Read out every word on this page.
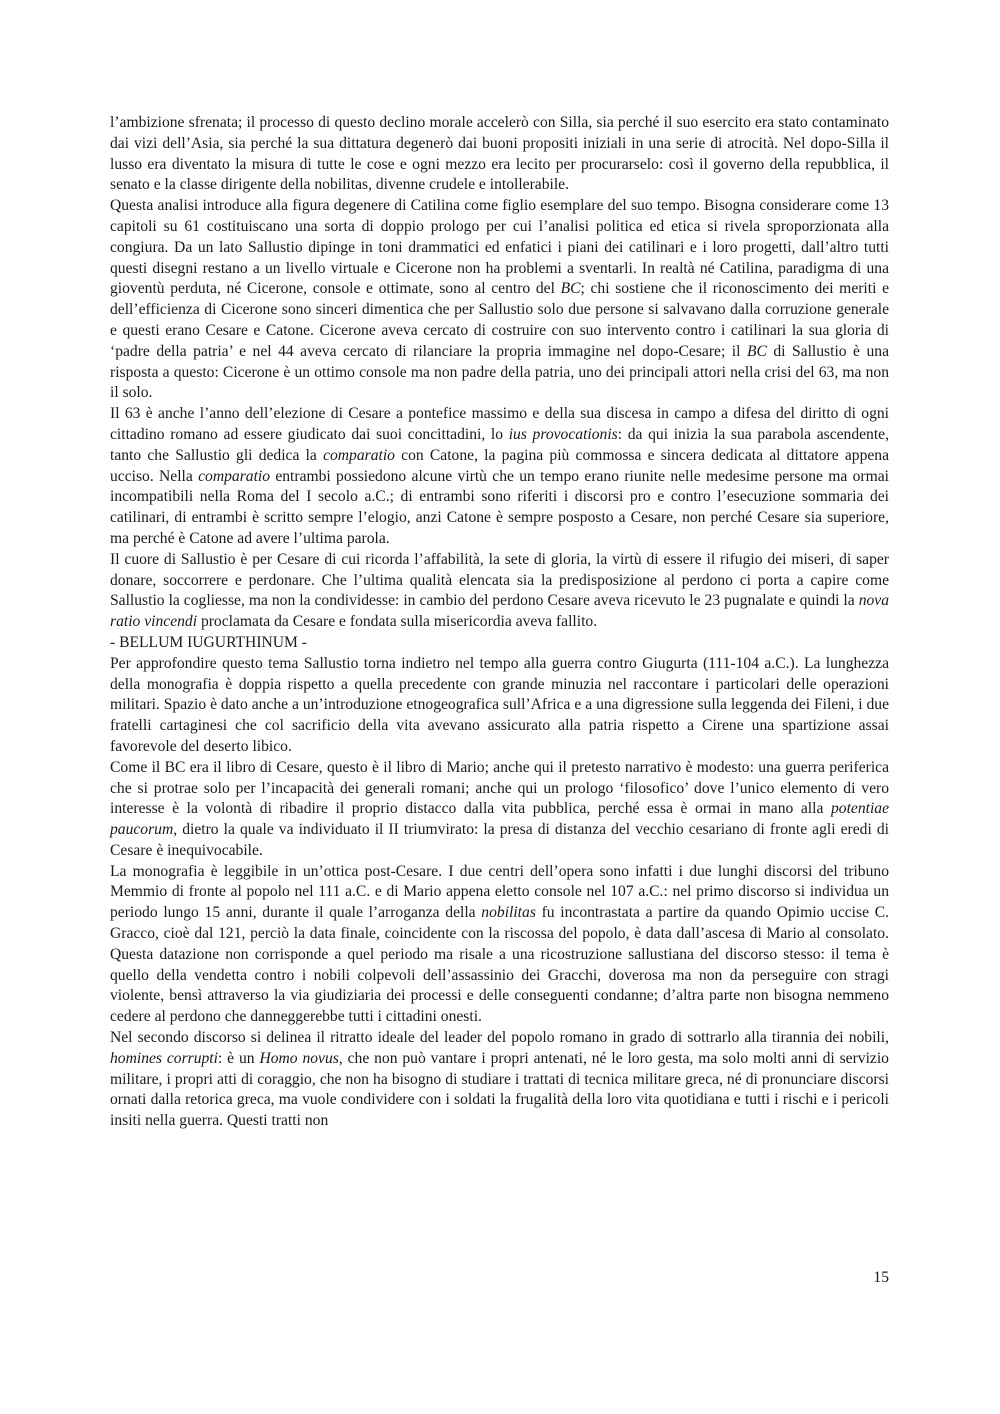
l’ambizione sfrenata; il processo di questo declino morale accelerò con Silla, sia perché il suo esercito era stato contaminato dai vizi dell’Asia, sia perché la sua dittatura degenerò dai buoni propositi iniziali in una serie di atrocità. Nel dopo-Silla il lusso era diventato la misura di tutte le cose e ogni mezzo era lecito per procurarselo: così il governo della repubblica, il senato e la classe dirigente della nobilitas, divenne crudele e intollerabile.

Questa analisi introduce alla figura degenere di Catilina come figlio esemplare del suo tempo. Bisogna considerare come 13 capitoli su 61 costituiscano una sorta di doppio prologo per cui l’analisi politica ed etica si rivela sproporzionata alla congiura. Da un lato Sallustio dipinge in toni drammatici ed enfatici i piani dei catilinari e i loro progetti, dall’altro tutti questi disegni restano a un livello virtuale e Cicerone non ha problemi a sventarli. In realtà né Catilina, paradigma di una gioventù perduta, né Cicerone, console e ottimate, sono al centro del BC; chi sostiene che il riconoscimento dei meriti e dell’efficienza di Cicerone sono sinceri dimentica che per Sallustio solo due persone si salvavano dalla corruzione generale e questi erano Cesare e Catone. Cicerone aveva cercato di costruire con suo intervento contro i catilinari la sua gloria di ‘padre della patria’ e nel 44 aveva cercato di rilanciare la propria immagine nel dopo-Cesare; il BC di Sallustio è una risposta a questo: Cicerone è un ottimo console ma non padre della patria, uno dei principali attori nella crisi del 63, ma non il solo.

Il 63 è anche l’anno dell’elezione di Cesare a pontefice massimo e della sua discesa in campo a difesa del diritto di ogni cittadino romano ad essere giudicato dai suoi concittadini, lo ius provocationis: da qui inizia la sua parabola ascendente, tanto che Sallustio gli dedica la comparatio con Catone, la pagina più commossa e sincera dedicata al dittatore appena ucciso. Nella comparatio entrambi possiedono alcune virtù che un tempo erano riunite nelle medesime persone ma ormai incompatibili nella Roma del I secolo a.C.; di entrambi sono riferiti i discorsi pro e contro l’esecuzione sommaria dei catilinari, di entrambi è scritto sempre l’elogio, anzi Catone è sempre posposto a Cesare, non perché Cesare sia superiore, ma perché è Catone ad avere l’ultima parola.

Il cuore di Sallustio è per Cesare di cui ricorda l’affabilità, la sete di gloria, la virtù di essere il rifugio dei miseri, di saper donare, soccorrere e perdonare. Che l’ultima qualità elencata sia la predisposizione al perdono ci porta a capire come Sallustio la cogliesse, ma non la condividesse: in cambio del perdono Cesare aveva ricevuto le 23 pugnalate e quindi la nova ratio vincendi proclamata da Cesare e fondata sulla misericordia aveva fallito.

- BELLUM IUGURTHINUM -

Per approfondire questo tema Sallustio torna indietro nel tempo alla guerra contro Giugurta (111-104 a.C.). La lunghezza della monografia è doppia rispetto a quella precedente con grande minuzia nel raccontare i particolari delle operazioni militari. Spazio è dato anche a un’introduzione etnogeografica sull’Africa e a una digressione sulla leggenda dei Fileni, i due fratelli cartaginesi che col sacrificio della vita avevano assicurato alla patria rispetto a Cirene una spartizione assai favorevole del deserto libico.

Come il BC era il libro di Cesare, questo è il libro di Mario; anche qui il pretesto narrativo è modesto: una guerra periferica che si protrae solo per l’incapacità dei generali romani; anche qui un prologo ‘filosofico’ dove l’unico elemento di vero interesse è la volontà di ribadire il proprio distacco dalla vita pubblica, perché essa è ormai in mano alla potentiae paucorum, dietro la quale va individuato il II triumvirato: la presa di distanza del vecchio cesariano di fronte agli eredi di Cesare è inequivocabile.

La monografia è leggibile in un’ottica post-Cesare. I due centri dell’opera sono infatti i due lunghi discorsi del tribuno Memmio di fronte al popolo nel 111 a.C. e di Mario appena eletto console nel 107 a.C.: nel primo discorso si individua un periodo lungo 15 anni, durante il quale l’arroganza della nobilitas fu incontrastata a partire da quando Opimio uccise C. Gracco, cioè dal 121, perciò la data finale, coincidente con la riscossa del popolo, è data dall’ascesa di Mario al consolato. Questa datazione non corrisponde a quel periodo ma risale a una ricostruzione sallustiana del discorso stesso: il tema è quello della vendetta contro i nobili colpevoli dell’assassinio dei Gracchi, doverosa ma non da perseguire con stragi violente, bensì attraverso la via giudiziaria dei processi e delle conseguenti condanne; d’altra parte non bisogna nemmeno cedere al perdono che danneggerebbe tutti i cittadini onesti.

Nel secondo discorso si delinea il ritratto ideale del leader del popolo romano in grado di sottrarlo alla tirannia dei nobili, homines corrupti: è un Homo novus, che non può vantare i propri antenati, né le loro gesta, ma solo molti anni di servizio militare, i propri atti di coraggio, che non ha bisogno di studiare i trattati di tecnica militare greca, né di pronunciare discorsi ornati dalla retorica greca, ma vuole condividere con i soldati la frugalità della loro vita quotidiana e tutti i rischi e i pericoli insiti nella guerra. Questi tratti non

15
